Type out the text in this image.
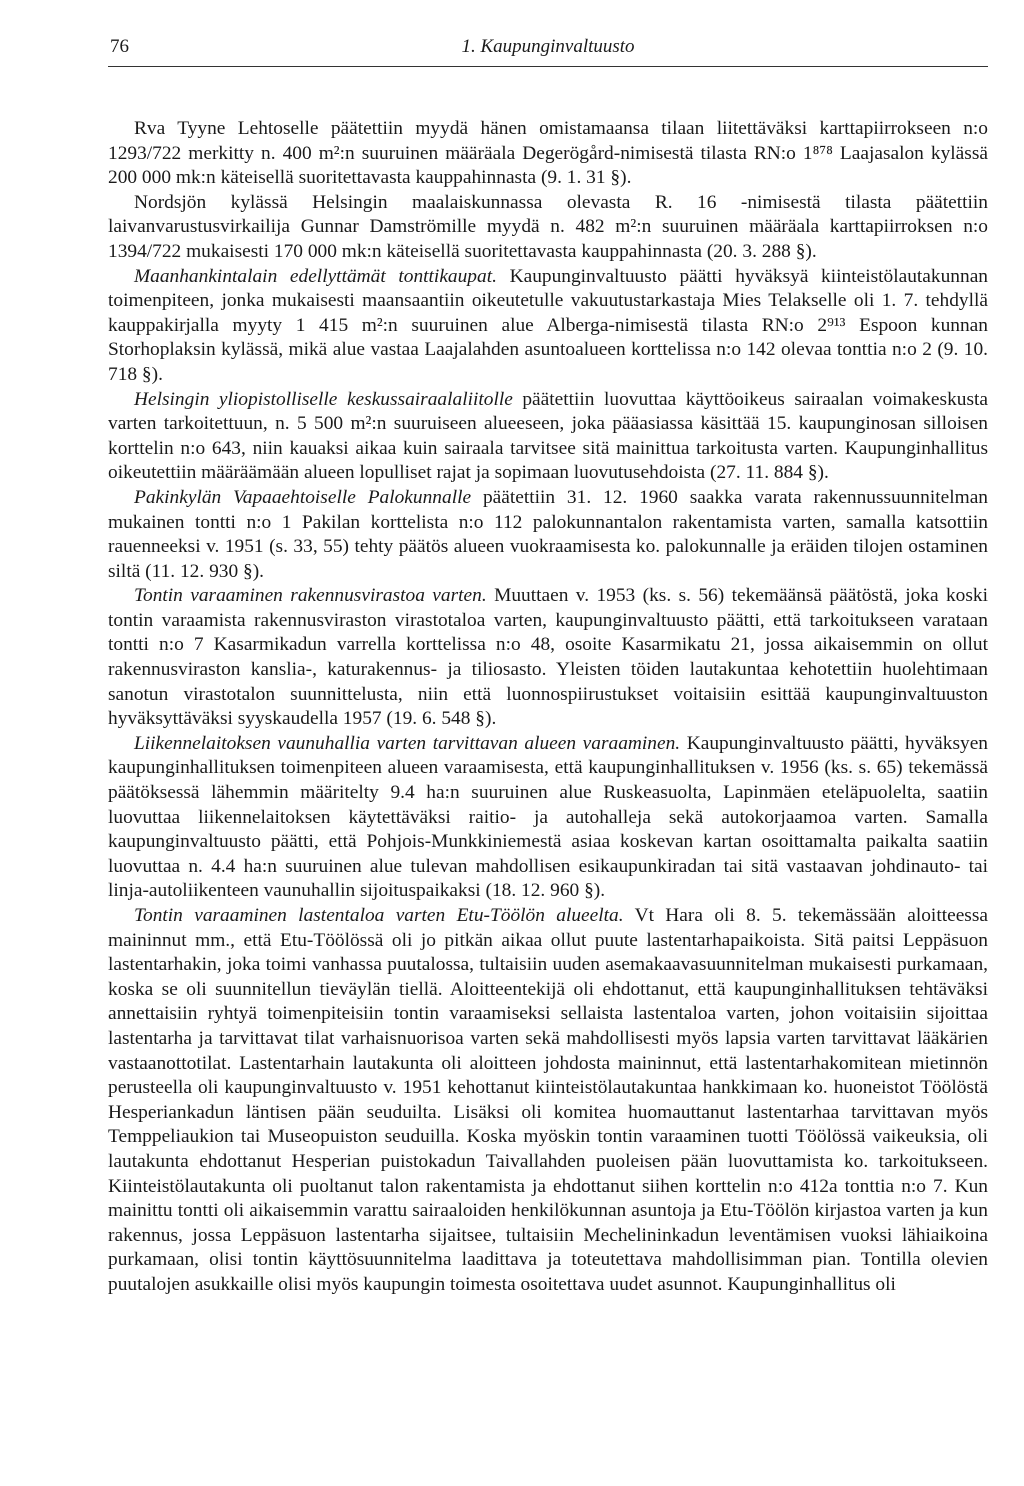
76	1. Kaupunginvaltuusto

Rva Tyyne Lehtoselle päätettiin myydä hänen omistamaansa tilaan liitettäväksi karttapiirrokseen n:o 1293/722 merkitty n. 400 m²:n suuruinen määräala Degerögård-nimisestä tilasta RN:o 1⁸⁷⁸ Laajasalon kylässä 200 000 mk:n käteisellä suoritettavasta kauppahinnasta (9. 1. 31 §).

Nordsjön kylässä Helsingin maalaiskunnassa olevasta R. 16 -nimisestä tilasta päätettiin laivanvarustusvirkailija Gunnar Damströmille myydä n. 482 m²:n suuruinen määräala karttapiirroksen n:o 1394/722 mukaisesti 170 000 mk:n käteisellä suoritettavasta kauppahinnasta (20. 3. 288 §).

Maanhankintalain edellyttämät tonttikaupat. Kaupunginvaltuusto päätti hyväksyä kiinteistölautakunnan toimenpiteen, jonka mukaisesti maansaantiin oikeutetulle vakuutustarkastaja Mies Telakselle oli 1. 7. tehdyllä kauppakirjalla myyty 1 415 m²:n suuruinen alue Alberga-nimisestä tilasta RN:o 2⁹¹³ Espoon kunnan Storhoplaksin kylässä, mikä alue vastaa Laajalahden asuntoalueen korttelissa n:o 142 olevaa tonttia n:o 2 (9. 10. 718 §).

Helsingin yliopistolliselle keskussairaalaliitolle päätettiin luovuttaa käyttöoikeus sairaalan voimakeskusta varten tarkoitettuun, n. 5 500 m²:n suuruiseen alueeseen, joka pääasiassa käsittää 15. kaupunginosan silloisen korttelin n:o 643, niin kauaksi aikaa kuin sairaala tarvitsee sitä mainittua tarkoitusta varten. Kaupunginhallitus oikeutettiin määräämään alueen lopulliset rajat ja sopimaan luovutusehdoista (27. 11. 884 §).

Pakinkylän Vapaaehtoiselle Palokunnalle päätettiin 31. 12. 1960 saakka varata rakennussuunnitelman mukainen tontti n:o 1 Pakilan korttelista n:o 112 palokunnantalon rakentamista varten, samalla katsottiin rauenneeksi v. 1951 (s. 33, 55) tehty päätös alueen vuokraamisesta ko. palokunnalle ja eräiden tilojen ostaminen siltä (11. 12. 930 §).

Tontin varaaminen rakennusvirastoa varten. Muuttaen v. 1953 (ks. s. 56) tekemäänsä päätöstä, joka koski tontin varaamista rakennusviraston virastotaloa varten, kaupunginvaltuusto päätti, että tarkoitukseen varataan tontti n:o 7 Kasarmikadun varrella korttelissa n:o 48, osoite Kasarmikatu 21, jossa aikaisemmin on ollut rakennusviraston kanslia-, katurakennus- ja tiliosasto. Yleisten töiden lautakuntaa kehotettiin huolehtimaan sanotun virastotalon suunnittelusta, niin että luonnospiirustukset voitaisiin esittää kaupunginvaltuuston hyväksyttäväksi syyskaudella 1957 (19. 6. 548 §).

Liikennelaitoksen vaunuhallia varten tarvittavan alueen varaaminen. Kaupunginvaltuusto päätti, hyväksyen kaupunginhallituksen toimenpiteen alueen varaamisesta, että kaupunginhallituksen v. 1956 (ks. s. 65) tekemässä päätöksessä lähemmin määritelty 9.4 ha:n suuruinen alue Ruskeasuolta, Lapinmäen eteläpuolelta, saatiin luovuttaa liikennelaitoksen käytettäväksi raitio- ja autohalleja sekä autokorjaamoa varten. Samalla kaupunginvaltuusto päätti, että Pohjois-Munkkiniemestä asiaa koskevan kartan osoittamalta paikalta saatiin luovuttaa n. 4.4 ha:n suuruinen alue tulevan mahdollisen esikaupunkiradan tai sitä vastaavan johdinauto- tai linja-autoliikenteen vaunuhallin sijoituspaikaksi (18. 12. 960 §).

Tontin varaaminen lastentaloa varten Etu-Töölön alueelta. Vt Hara oli 8. 5. tekemässään aloitteessa maininnut mm., että Etu-Töölössä oli jo pitkän aikaa ollut puute lastentarhapaikoista. Sitä paitsi Leppäsuon lastentarhakin, joka toimi vanhassa puutalossa, tultaisiin uuden asemakaavasuunnitelman mukaisesti purkamaan, koska se oli suunnitellun tieväylän tiellä. Aloitteentekijä oli ehdottanut, että kaupunginhallituksen tehtäväksi annettaisiin ryhtyä toimenpiteisiin tontin varaamiseksi sellaista lastentaloa varten, johon voitaisiin sijoittaa lastentarha ja tarvittavat tilat varhaisnuorisoa varten sekä mahdollisesti myös lapsia varten tarvittavat lääkärien vastaanottotilat. Lastentarhain lautakunta oli aloitteen johdosta maininnut, että lastentarhakomitean mietinnön perusteella oli kaupunginvaltuusto v. 1951 kehottanut kiinteistölautakuntaa hankkimaan ko. huoneistot Töölöstä Hesperiankadun läntisen pään seuduilta. Lisäksi oli komitea huomauttanut lastentarhaa tarvittavan myös Temppeliaukion tai Museopuiston seuduilla. Koska myöskin tontin varaaminen tuotti Töölössä vaikeuksia, oli lautakunta ehdottanut Hesperian puistokadun Taivallahden puoleisen pään luovuttamista ko. tarkoitukseen. Kiinteistölautakunta oli puoltanut talon rakentamista ja ehdottanut siihen korttelin n:o 412a tonttia n:o 7. Kun mainittu tontti oli aikaisemmin varattu sairaaloiden henkilökunnan asuntoja ja Etu-Töölön kirjastoa varten ja kun rakennus, jossa Leppäsuon lastentarha sijaitsee, tultaisiin Mechelininkadun leventämisen vuoksi lähiaikoina purkamaan, olisi tontin käyttösuunnitelma laadittava ja toteutettava mahdollisimman pian. Tontilla olevien puutalojen asukkaille olisi myös kaupungin toimesta osoitettava uudet asunnot. Kaupunginhallitus oli
